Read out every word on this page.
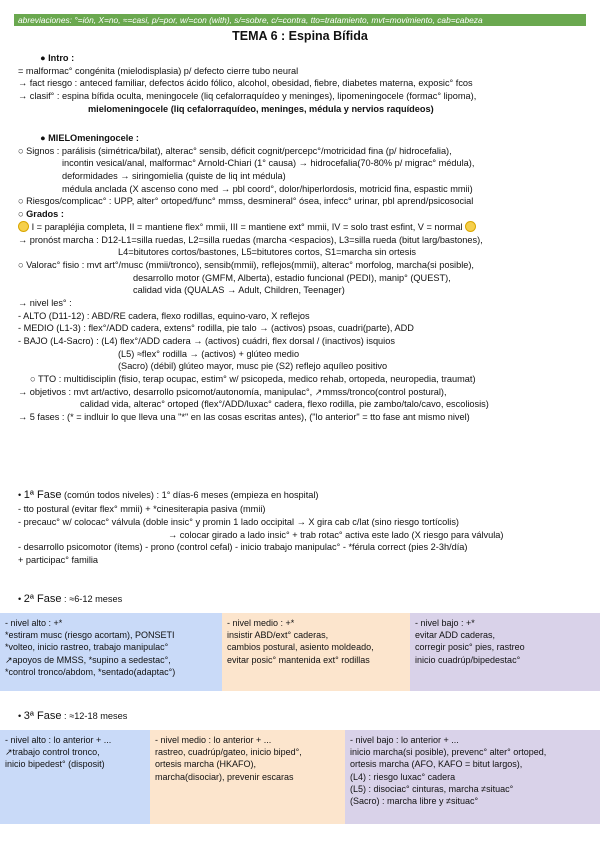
abreviaciones: °=ión, X=no, ≈=casi, p/=por, w/=con (with), s/=sobre, c/=contra, tto=tratamiento, mvt=movimiento, cab=cabeza
TEMA 6 : Espina Bífida
● Intro :
= malformac° congénita (mielodisplasia) p/ defecto cierre tubo neural
→ fact riesgo : anteced familiar, defectos ácido fólico, alcohol, obesidad, fiebre, diabetes materna, exposic° fcos
→ clasif° : espina bífida oculta, meningocele (liq cefalorraquídeo y meninges), lipomeningocele (formac° lipoma),
mielomeningocele (liq cefalorraquídeo, meninges, médula y nervios raquídeos)
● MIELOmeningocele :
○ Signos : parálisis (simétrica/bilat), alterac° sensib, déficit cognit/percepc°/motricidad fina (p/ hidrocefalia),
incontin vesical/anal, malformac° Arnold-Chiari (1° causa) → hidrocefalia(70-80% p/ migrac° médula),
deformidades → siringomielia (quiste de liq int médula)
médula anclada (X ascenso cono med → pbl coord°, dolor/hiperlordosis, motricid fina, espastic mmii)
○ Riesgos/complicac° : UPP, alter° ortoped/func° mmss, desmineral° ósea, infecc° urinar, pbl aprend/psicosocial
○ Grados :
I = parapléjia completa, II = mantiene flex° mmii, III = mantiene ext° mmii, IV = solo trast esfint, V = normal
→ pronóst marcha : D12-L1=silla ruedas, L2=silla ruedas (marcha <espacios), L3=silla rueda (bitut larg/bastones),
L4=bitutores cortos/bastones, L5=bitutores cortos, S1=marcha sin ortesis
○ Valorac° fisio : mvt art°/musc (mmii/tronco), sensib(mmii), reflejos(mmii), alterac° morfolog, marcha(si posible),
desarrollo motor (GMFM, Alberta), estadio funcional (PEDI), manip° (QUEST),
calidad vida (QUALAS → Adult, Children, Teenager)
→ nivel les° :
- ALTO (D11-12) : ABD/RE cadera, flexo rodillas, equino-varo, X reflejos
- MEDIO (L1-3) : flex°/ADD cadera, extens° rodilla, pie talo → (activos) psoas, cuadri(parte), ADD
- BAJO (L4-Sacro) : (L4) flex°/ADD cadera → (activos) cuádri, flex dorsal / (inactivos) isquios
(L5) ≈flex° rodilla → (activos) + glúteo medio
(Sacro) (débil) glúteo mayor, musc pie (S2) reflejo aquíleo positivo
○ TTO : multidisciplin (fisio, terap ocupac, estim° w/ psicopeda, medico rehab, ortopeda, neuropedia, traumat)
→ objetivos : mvt art/activo, desarrollo psicomot/autonomía, manipulac°, ↗mmss/tronco(control postural),
calidad vida, alterac° ortoped (flex°/ADD/luxac° cadera, flexo rodilla, pie zambo/talo/cavo, escoliosis)
→ 5 fases : (* = indluir lo que lleva una "*" en las cosas escritas antes), ("lo anterior" = tto fase ant mismo nivel)
• 1ª Fase (común todos niveles) : 1° días-6 meses (empieza en hospital)
- tto postural (evitar flex° mmii) + *cinesiterapia pasiva (mmii)
- precauc° w/ colocac° válvula (doble insic° y promin 1 lado occipital → X gira cab c/lat (sino riesgo tortícolis)
→ colocar girado a lado insic° + trab rotac° activa este lado (X riesgo para válvula)
- desarrollo psicomotor (ítems) - prono (control cefal) - inicio trabajo manipulac° - *férula correct (pies 2-3h/día)
+ participac° familia
• 2ª Fase : ≈6-12 meses
- nivel alto : +*
*estiram musc (riesgo acortam), PONSETI
*volteo, inicio rastreo, trabajo manipulac°
↗apoyos de MMSS, *supino a sedestac°,
*control tronco/abdom, *sentado(adaptac°)
- nivel medio : +*
insistir ABD/ext° caderas,
cambios postural, asiento moldeado,
evitar posic° mantenida ext° rodillas
- nivel bajo : +*
evitar ADD caderas,
corregir posic° pies, rastreo
inicio cuadrúp/bipedestac°
• 3ª Fase : ≈12-18 meses
- nivel alto : lo anterior + ...
↗trabajo control tronco,
inicio bipedest° (disposit)
- nivel medio : lo anterior + ...
rastreo, cuadrúp/gateo, inicio biped°,
ortesis marcha (HKAFO),
marcha(disociar), prevenir escaras
- nivel bajo : lo anterior + ...
inicio marcha(si posible), prevenc° alter° ortoped,
ortesis marcha (AFO, KAFO = bitut largos),
(L4) : riesgo luxac° cadera
(L5) : disociac° cinturas, marcha ≠situac°
(Sacro) : marcha libre y ≠situac°
